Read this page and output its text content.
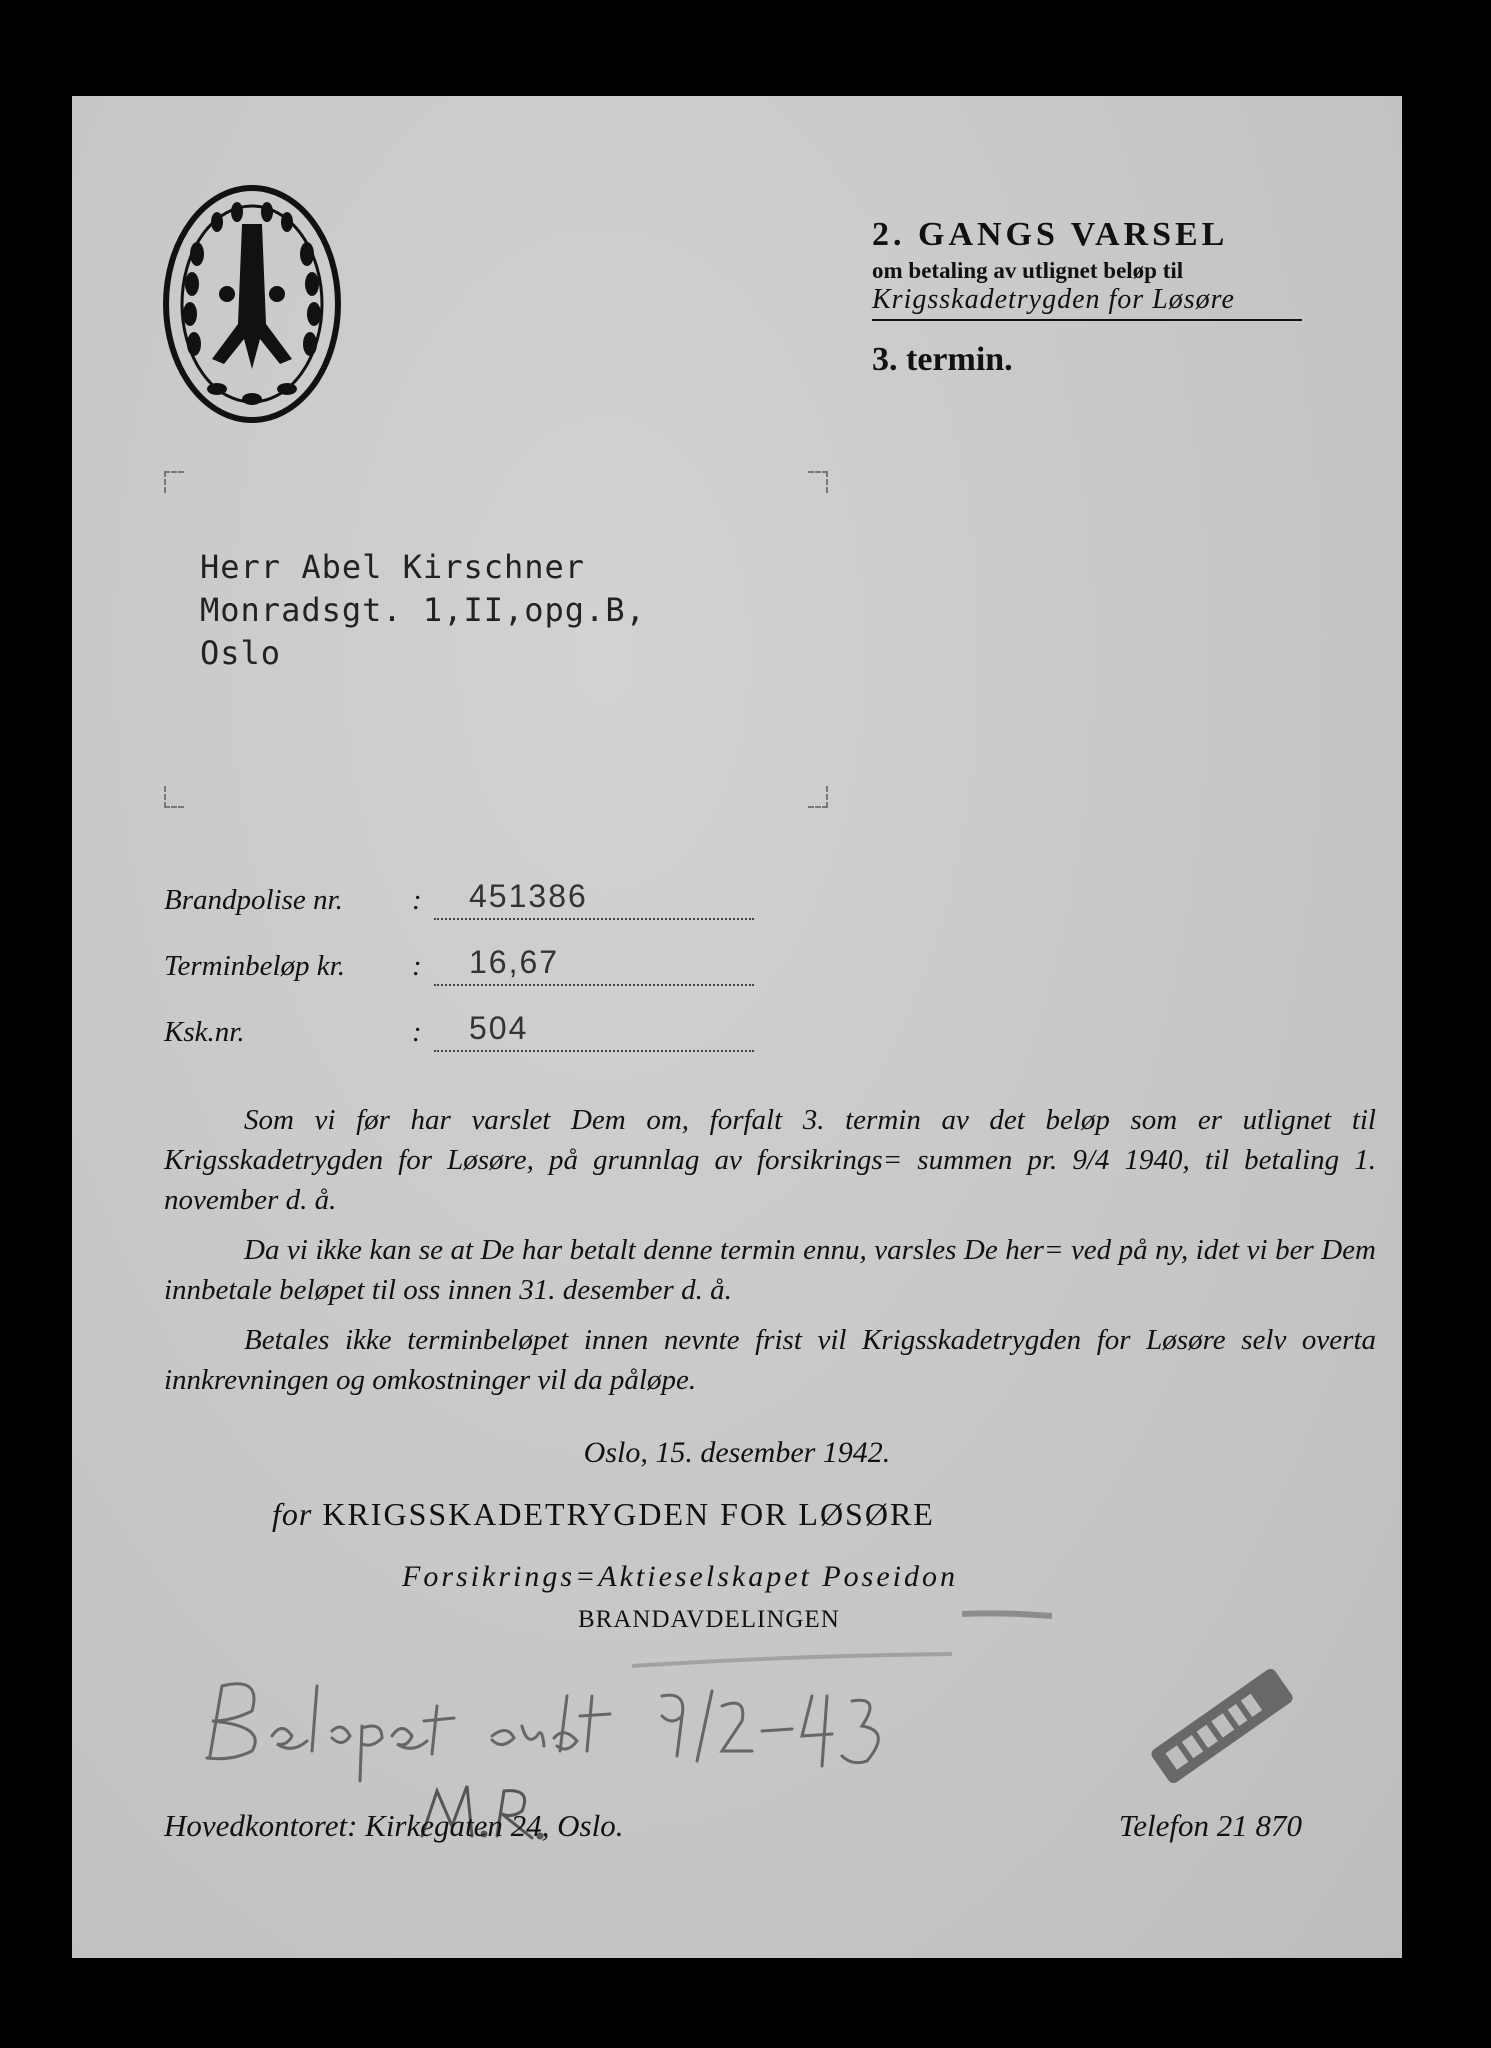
2. GANGS VARSEL
om betaling av utlignet beløp til
Krigsskadetrygden for Løsøre
3. termin.
Herr Abel Kirschner
Monradsgt. 1,II,opg.B,
Oslo
Brandpolise nr. : 451386
Terminbeløp kr. : 16,67
Ksk.nr.	: 504

Som vi før har varslet Dem om, forfalt 3. termin av det beløp som er utlignet til Krigsskadetrygden for Løsøre, på grunnlag av forsikrings= summen pr. 9/4 1940, til betaling 1. november d. å.

Da vi ikke kan se at De har betalt denne termin ennu, varsles De her= ved på ny, idet vi ber Dem innbetale beløpet til oss innen 31. desember d. å.

Betales ikke terminbeløpet innen nevnte frist vil Krigsskadetrygden for Løsøre selv overta innkrevningen og omkostninger vil da påløpe.

Oslo, 15. desember 1942.
for KRIGSSKADETRYGDEN FOR LØSØRE
Forsikrings=Aktieselskapet Poseidon
BRANDAVDELINGEN
Hovedkontoret: Kirkegaten 24, Oslo.	Telefon 21 870
